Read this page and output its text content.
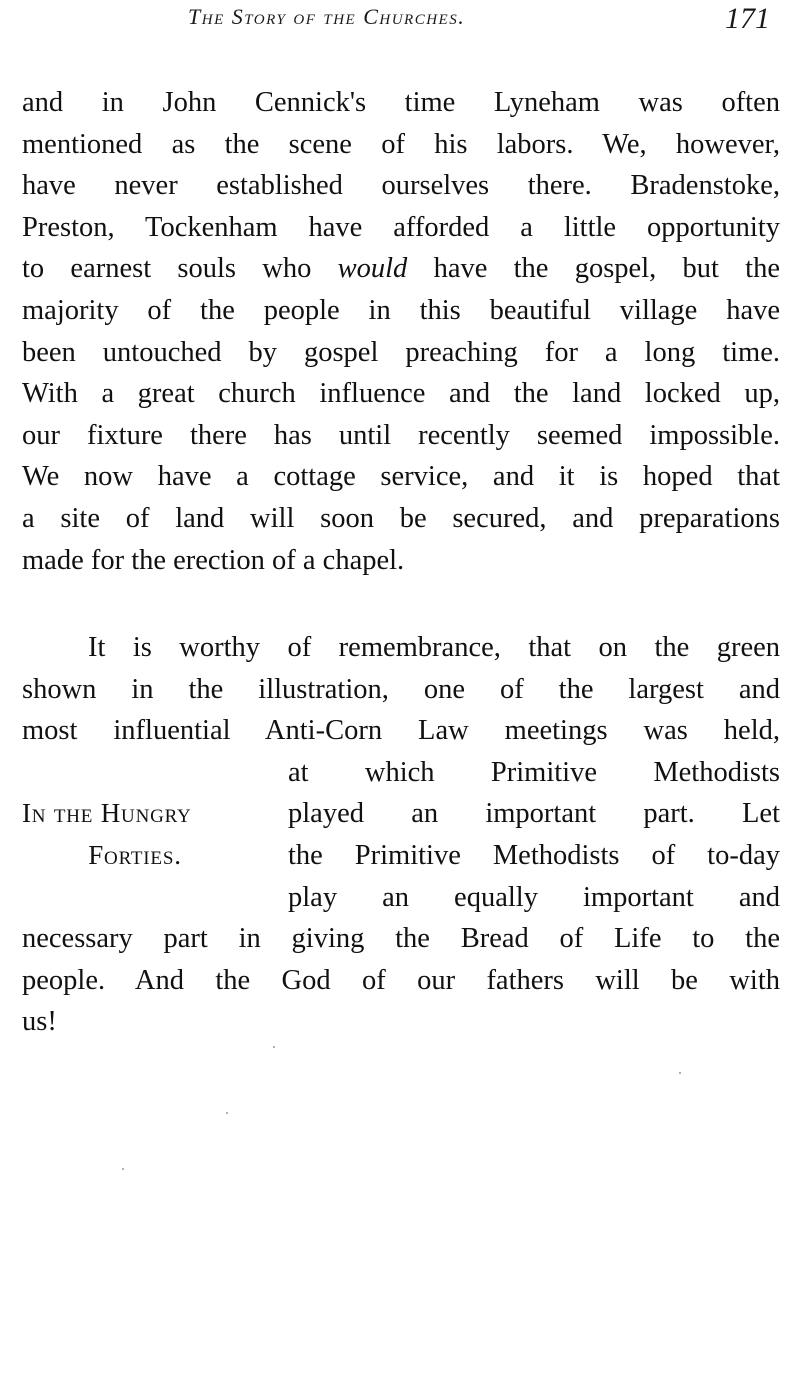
The Story of the Churches.	171
and in John Cennick's time Lyneham was often
mentioned as the scene of his labors. We, however,
have never established ourselves there. Bradenstoke,
Preston, Tockenham have afforded a little opportunity
to earnest souls who would have the gospel, but the
majority of the people in this beautiful village have
been untouched by gospel preaching for a long time.
With a great church influence and the land locked up,
our fixture there has until recently seemed impossible.
We now have a cottage service, and it is hoped that
a site of land will soon be secured, and preparations
made for the erection of a chapel.
It is worthy of remembrance, that on the green
shown in the illustration, one of the largest and
most influential Anti-Corn Law meetings was held,
at which Primitive Methodists
In the Hungry	played an important part. Let
Forties.	the Primitive Methodists of to-day
play an equally important and
necessary part in giving the Bread of Life to the
people. And the God of our fathers will be with
us!
